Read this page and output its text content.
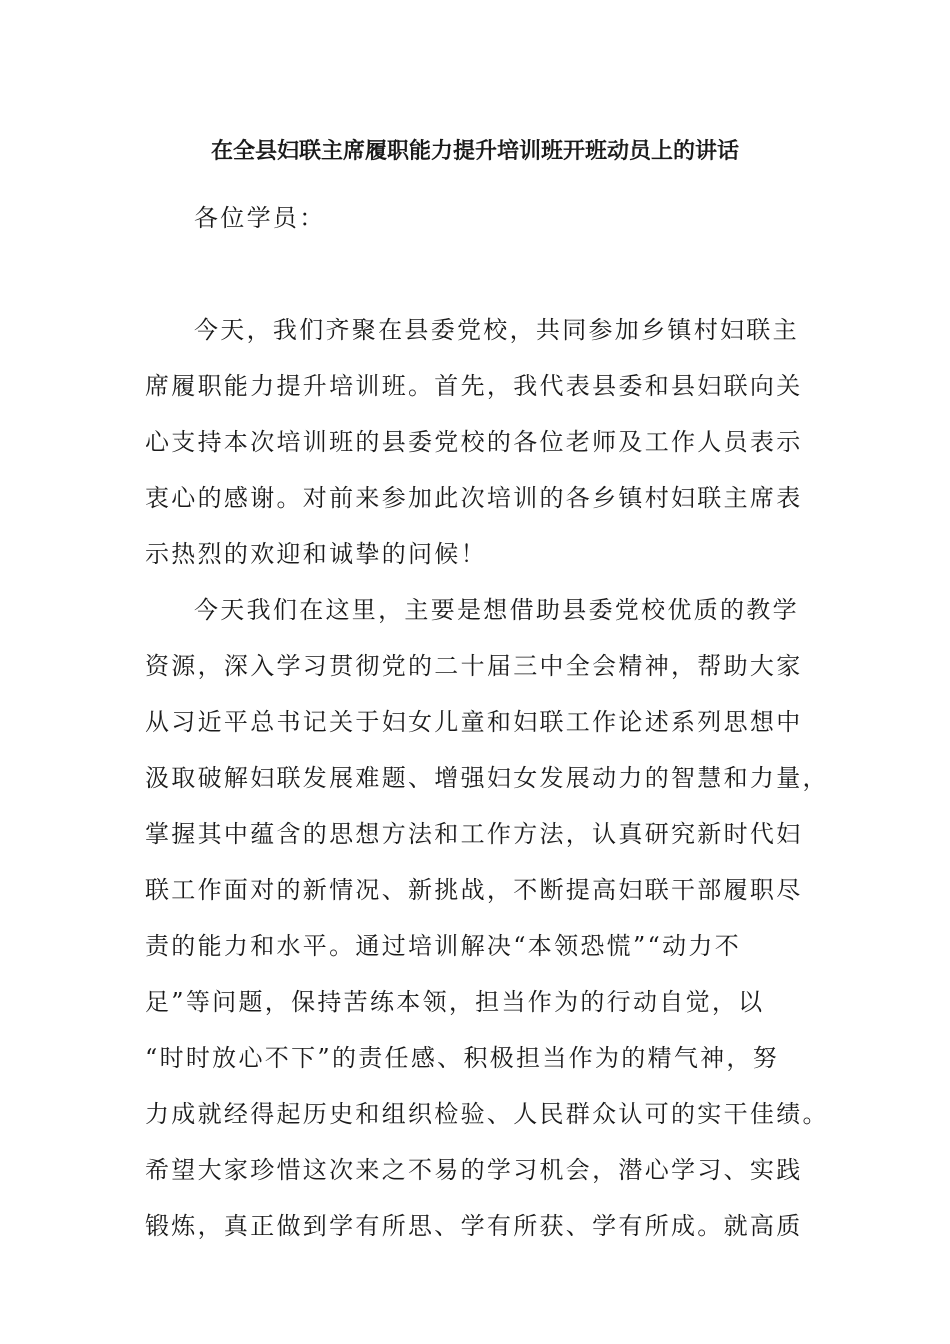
在全县妇联主席履职能力提升培训班开班动员上的讲话
各位学员：
今天，我们齐聚在县委党校，共同参加乡镇村妇联主
席履职能力提升培训班。首先，我代表县委和县妇联向关
心支持本次培训班的县委党校的各位老师及工作人员表示
衷心的感谢。对前来参加此次培训的各乡镇村妇联主席表
示热烈的欢迎和诚挚的问候！
今天我们在这里，主要是想借助县委党校优质的教学
资源，深入学习贯彻党的二十届三中全会精神，帮助大家
从习近平总书记关于妇女儿童和妇联工作论述系列思想中
汲取破解妇联发展难题、增强妇女发展动力的智慧和力量，
掌握其中蕴含的思想方法和工作方法，认真研究新时代妇
联工作面对的新情况、新挑战，不断提高妇联干部履职尽
责的能力和水平。通过培训解决“本领恐慌”“动力不
足”等问题，保持苦练本领，担当作为的行动自觉，以
“时时放心不下”的责任感、积极担当作为的精气神，努
力成就经得起历史和组织检验、人民群众认可的实干佳绩。
希望大家珍惜这次来之不易的学习机会，潜心学习、实践
锻炼，真正做到学有所思、学有所获、学有所成。就高质
